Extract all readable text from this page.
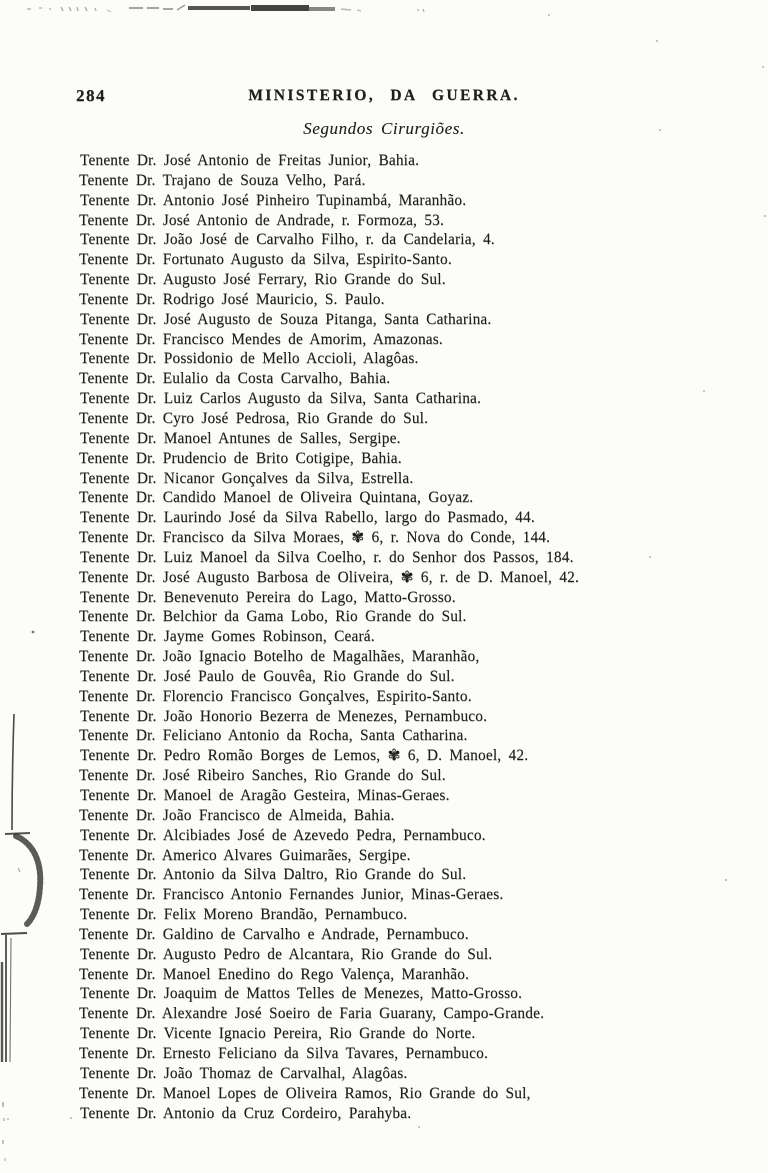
284	MINISTERIO, DA GUERRA.
Segundos Cirurgiões.
Tenente Dr. José Antonio de Freitas Junior, Bahia.
Tenente Dr. Trajano de Souza Velho, Pará.
Tenente Dr. Antonio José Pinheiro Tupinambá, Maranhão.
Tenente Dr. José Antonio de Andrade, r. Formoza, 53.
Tenente Dr. João José de Carvalho Filho, r. da Candelaria, 4.
Tenente Dr. Fortunato Augusto da Silva, Espirito-Santo.
Tenente Dr. Augusto José Ferrary, Rio Grande do Sul.
Tenente Dr. Rodrigo José Mauricio, S. Paulo.
Tenente Dr. José Augusto de Souza Pitanga, Santa Catharina.
Tenente Dr. Francisco Mendes de Amorim, Amazonas.
Tenente Dr. Possidonio de Mello Accioli, Alagôas.
Tenente Dr. Eulalio da Costa Carvalho, Bahia.
Tenente Dr. Luiz Carlos Augusto da Silva, Santa Catharina.
Tenente Dr. Cyro José Pedrosa, Rio Grande do Sul.
Tenente Dr. Manoel Antunes de Salles, Sergipe.
Tenente Dr. Prudencio de Brito Cotigipe, Bahia.
Tenente Dr. Nicanor Gonçalves da Silva, Estrella.
Tenente Dr. Candido Manoel de Oliveira Quintana, Goyaz.
Tenente Dr. Laurindo José da Silva Rabello, largo do Pasmado, 44.
Tenente Dr. Francisco da Silva Moraes, ✾ 6, r. Nova do Conde, 144.
Tenente Dr. Luiz Manoel da Silva Coelho, r. do Senhor dos Passos, 184.
Tenente Dr. José Augusto Barbosa de Oliveira, ✾ 6, r. de D. Manoel, 42.
Tenente Dr. Benevenuto Pereira do Lago, Matto-Grosso.
Tenente Dr. Belchior da Gama Lobo, Rio Grande do Sul.
Tenente Dr. Jayme Gomes Robinson, Ceará.
Tenente Dr. João Ignacio Botelho de Magalhães, Maranhão,
Tenente Dr. José Paulo de Gouvêa, Rio Grande do Sul.
Tenente Dr. Florencio Francisco Gonçalves, Espirito-Santo.
Tenente Dr. João Honorio Bezerra de Menezes, Pernambuco.
Tenente Dr. Feliciano Antonio da Rocha, Santa Catharina.
Tenente Dr. Pedro Romão Borges de Lemos, ✾ 6, D. Manoel, 42.
Tenente Dr. José Ribeiro Sanches, Rio Grande do Sul.
Tenente Dr. Manoel de Aragão Gesteira, Minas-Geraes.
Tenente Dr. João Francisco de Almeida, Bahia.
Tenente Dr. Alcibiades José de Azevedo Pedra, Pernambuco.
Tenente Dr. Americo Alvares Guimarães, Sergipe.
Tenente Dr. Antonio da Silva Daltro, Rio Grande do Sul.
Tenente Dr. Francisco Antonio Fernandes Junior, Minas-Geraes.
Tenente Dr. Felix Moreno Brandão, Pernambuco.
Tenente Dr. Galdino de Carvalho e Andrade, Pernambuco.
Tenente Dr. Augusto Pedro de Alcantara, Rio Grande do Sul.
Tenente Dr. Manoel Enedino do Rego Valença, Maranhão.
Tenente Dr. Joaquim de Mattos Telles de Menezes, Matto-Grosso.
Tenente Dr. Alexandre José Soeiro de Faria Guarany, Campo-Grande.
Tenente Dr. Vicente Ignacio Pereira, Rio Grande do Norte.
Tenente Dr. Ernesto Feliciano da Silva Tavares, Pernambuco.
Tenente Dr. João Thomaz de Carvalhal, Alagôas.
Tenente Dr. Manoel Lopes de Oliveira Ramos, Rio Grande do Sul,
Tenente Dr. Antonio da Cruz Cordeiro, Parahyba.
